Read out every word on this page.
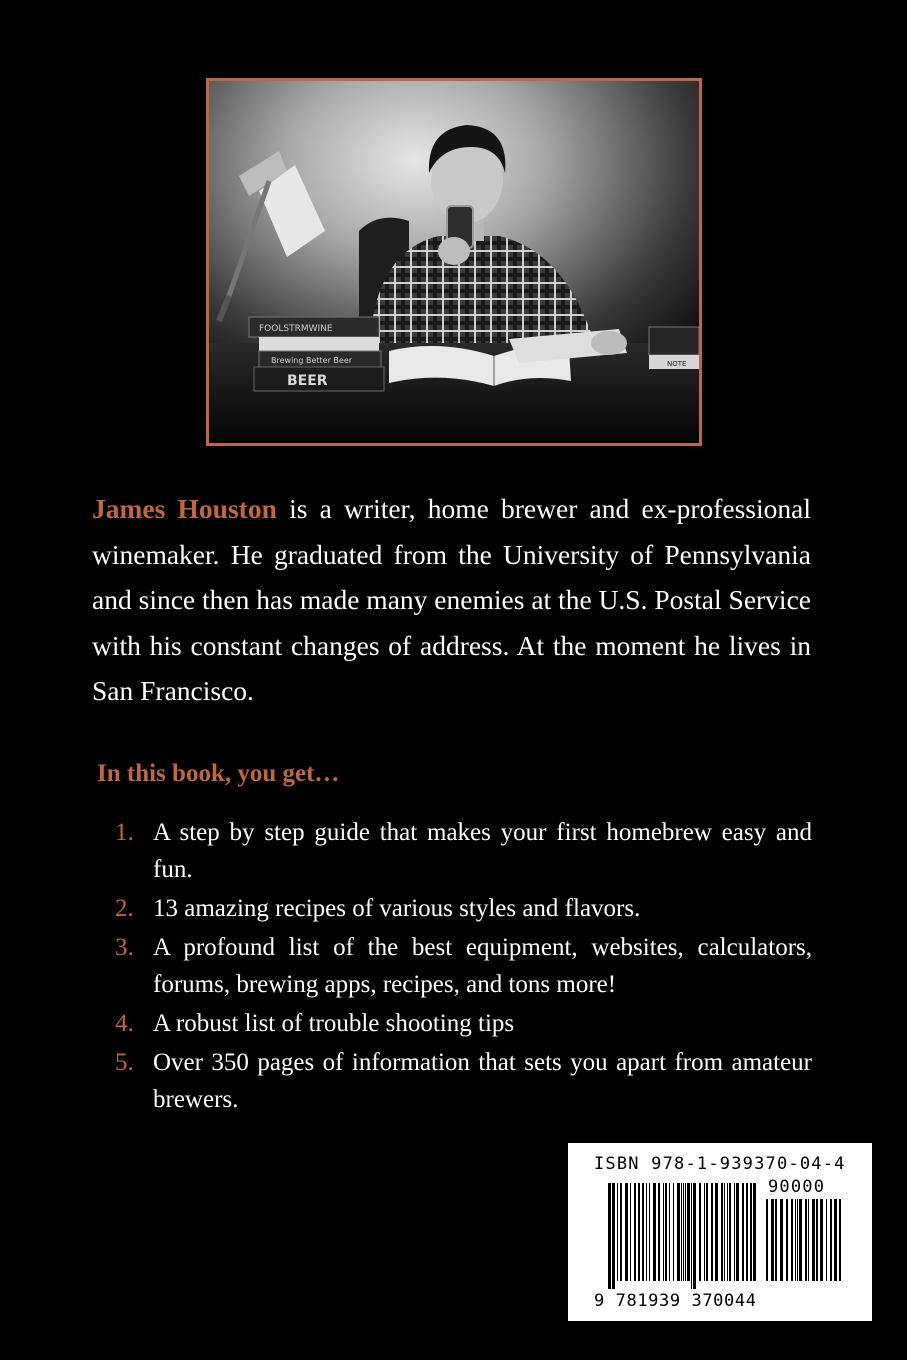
FOOLSTRMWINE
Brewing Better Beer
BEER
NOTE

James Houston is a writer, home brewer and ex-professional winemaker. He graduated from the University of Pennsylvania and since then has made many enemies at the U.S. Postal Service with his constant changes of address. At the moment he lives in San Francisco.

In this book, you get…
1. A step by step guide that makes your first homebrew easy and fun.
2. 13 amazing recipes of various styles and flavors.
3. A profound list of the best equipment, websites, calculators, forums, brewing apps, recipes, and tons more!
4. A robust list of trouble shooting tips
5. Over 350 pages of information that sets you apart from amateur brewers.
ISBN 978-1-939370-04-4
90000
9 781939 370044
